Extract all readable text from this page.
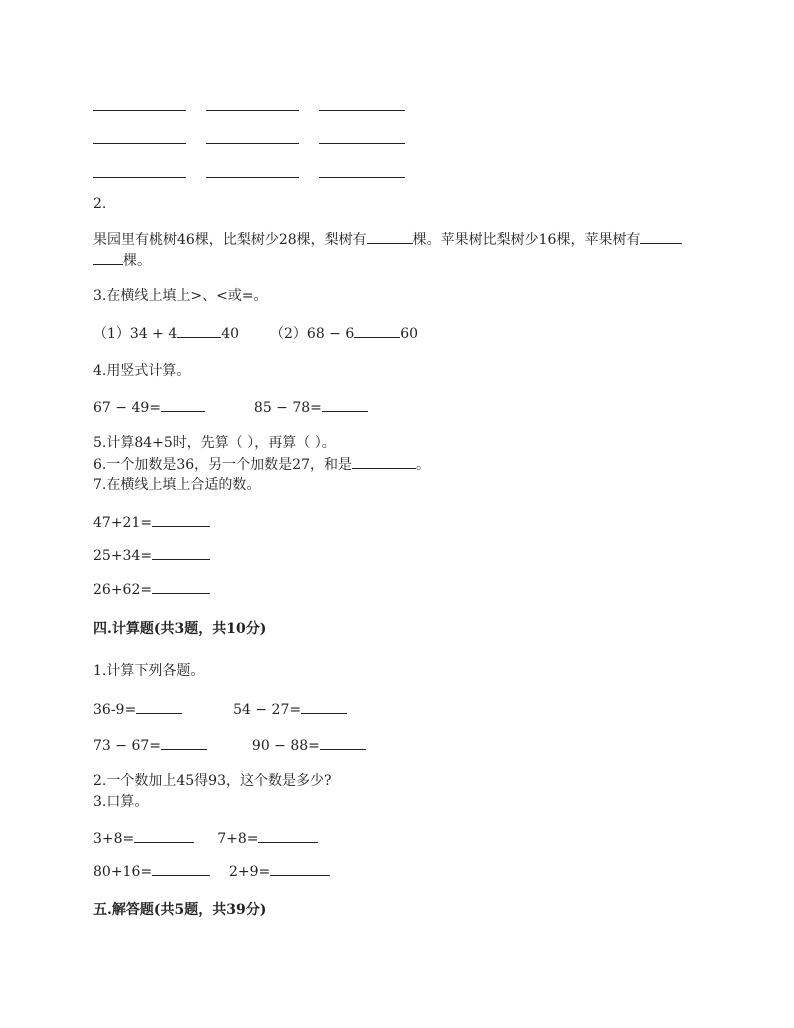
2.
果园里有桃树46棵，比梨树少28棵，梨树有	棵。苹果树比梨树少16棵，苹果树有
棵。
3.在横线上填上>、<或=。
（1）34 + 4	40 （2）68 − 6	60
4.用竖式计算。
67 − 49=	85 − 78=
5.计算84+5时，先算（ ），再算（ ）。
6.一个加数是36，另一个加数是27，和是	。
7.在横线上填上合适的数。
47+21=
25+34=
26+62=
四.计算题(共3题，共10分)
1.计算下列各题。
36-9=	54 − 27=
73 − 67=	90 − 88=
2.一个数加上45得93，这个数是多少?
3.口算。
3+8=	7+8=
80+16=	2+9=
五.解答题(共5题，共39分)
